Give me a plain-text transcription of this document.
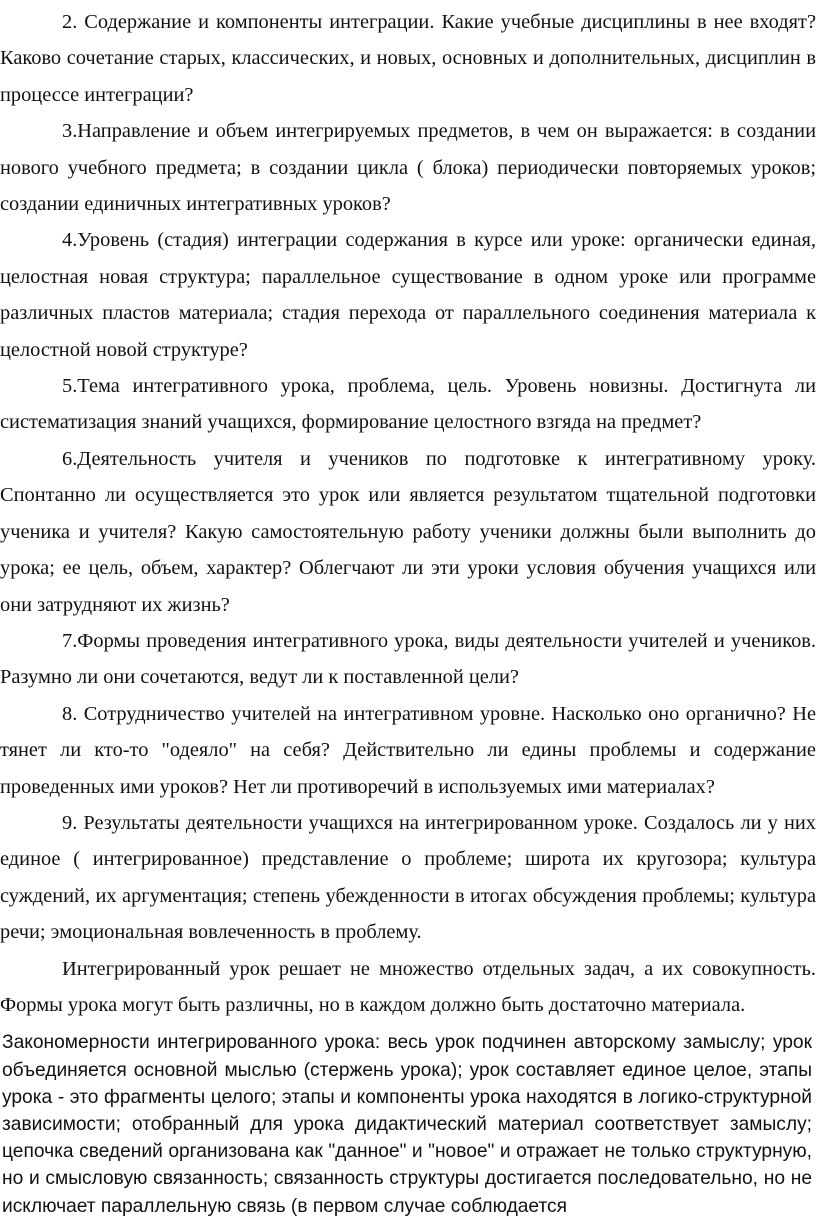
2. Содержание и компоненты интеграции. Какие учебные дисциплины в нее входят? Каково сочетание старых, классических, и новых, основных и дополнительных, дисциплин в процессе интеграции?

3.Направление и объем интегрируемых предметов, в чем он выражается: в создании нового учебного предмета; в создании цикла ( блока) периодически повторяемых уроков; создании единичных интегративных уроков?

4.Уровень (стадия) интеграции содержания в курсе или уроке: органически единая, целостная новая структура; параллельное существование в одном уроке или программе различных пластов материала; стадия перехода от параллельного соединения материала к целостной новой структуре?

5.Тема интегративного урока, проблема, цель. Уровень новизны. Достигнута ли систематизация знаний учащихся, формирование целостного взгяда на предмет?

6.Деятельность учителя и учеников по подготовке к интегративному уроку. Спонтанно ли осуществляется это урок или является результатом тщательной подготовки ученика и учителя? Какую самостоятельную работу ученики должны были выполнить до урока; ее цель, объем, характер? Облегчают ли эти уроки условия обучения учащихся или они затрудняют их жизнь?

7.Формы проведения интегративного урока, виды деятельности учителей и учеников. Разумно ли они сочетаются, ведут ли к поставленной цели?

8. Сотрудничество учителей на интегративном уровне. Насколько оно органично? Не тянет ли кто-то "одеяло" на себя? Действительно ли едины проблемы и содержание проведенных ими уроков? Нет ли противоречий в используемых ими материалах?

9. Результаты деятельности учащихся на интегрированном уроке. Создалось ли у них единое ( интегрированное) представление о проблеме; широта их кругозора; культура суждений, их аргументация; степень убежденности в итогах обсуждения проблемы; культура речи; эмоциональная вовлеченность в проблему.

Интегрированный урок решает не множество отдельных задач, а их совокупность. Формы урока могут быть различны, но в каждом должно быть достаточно материала.

Закономерности интегрированного урока: весь урок подчинен авторскому замыслу; урок объединяется основной мыслью (стержень урока); урок составляет единое целое, этапы урока - это фрагменты целого; этапы и компоненты урока находятся в логико-структурной зависимости; отобранный для урока дидактический материал соответствует замыслу; цепочка сведений организована как "данное" и "новое" и отражает не только структурную, но и смысловую связанность; связанность структуры достигается последовательно, но не исключает параллельную связь (в первом случае соблюдается
